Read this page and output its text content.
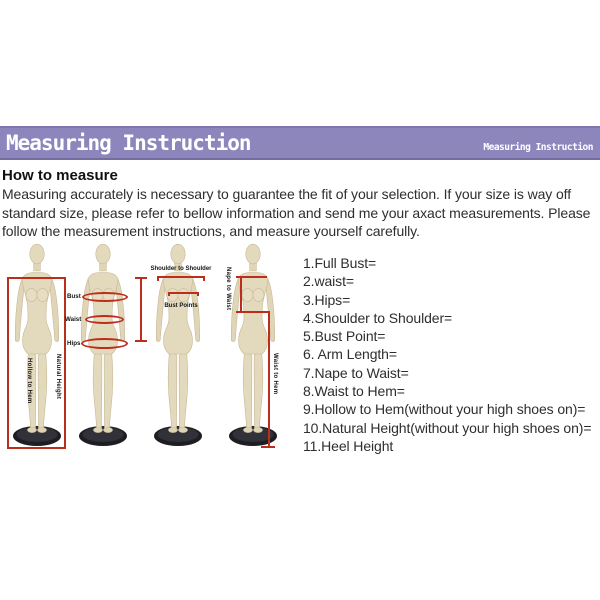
Measuring Instruction	Measuring Instruction
How to measure
Measuring accurately is necessary to guarantee the fit of your selection. If your size is way off standard size, please refer to bellow information and send me your axact measurements. Please follow the measurement instructions, and measure yourself carefully.
Hollow to Hem Natural Height
Bust
Waist
Hips
Shoulder to Shoulder
Bust Points	Nape to Waist
Waist to Hem
1.Full Bust=
2.waist=
3.Hips=
4.Shoulder to Shoulder=
5.Bust Point=
6. Arm Length=
7.Nape to Waist=
8.Waist to Hem=
9.Hollow to Hem(without your high shoes on)=
10.Natural Height(without your high shoes on)=
11.Heel Height
